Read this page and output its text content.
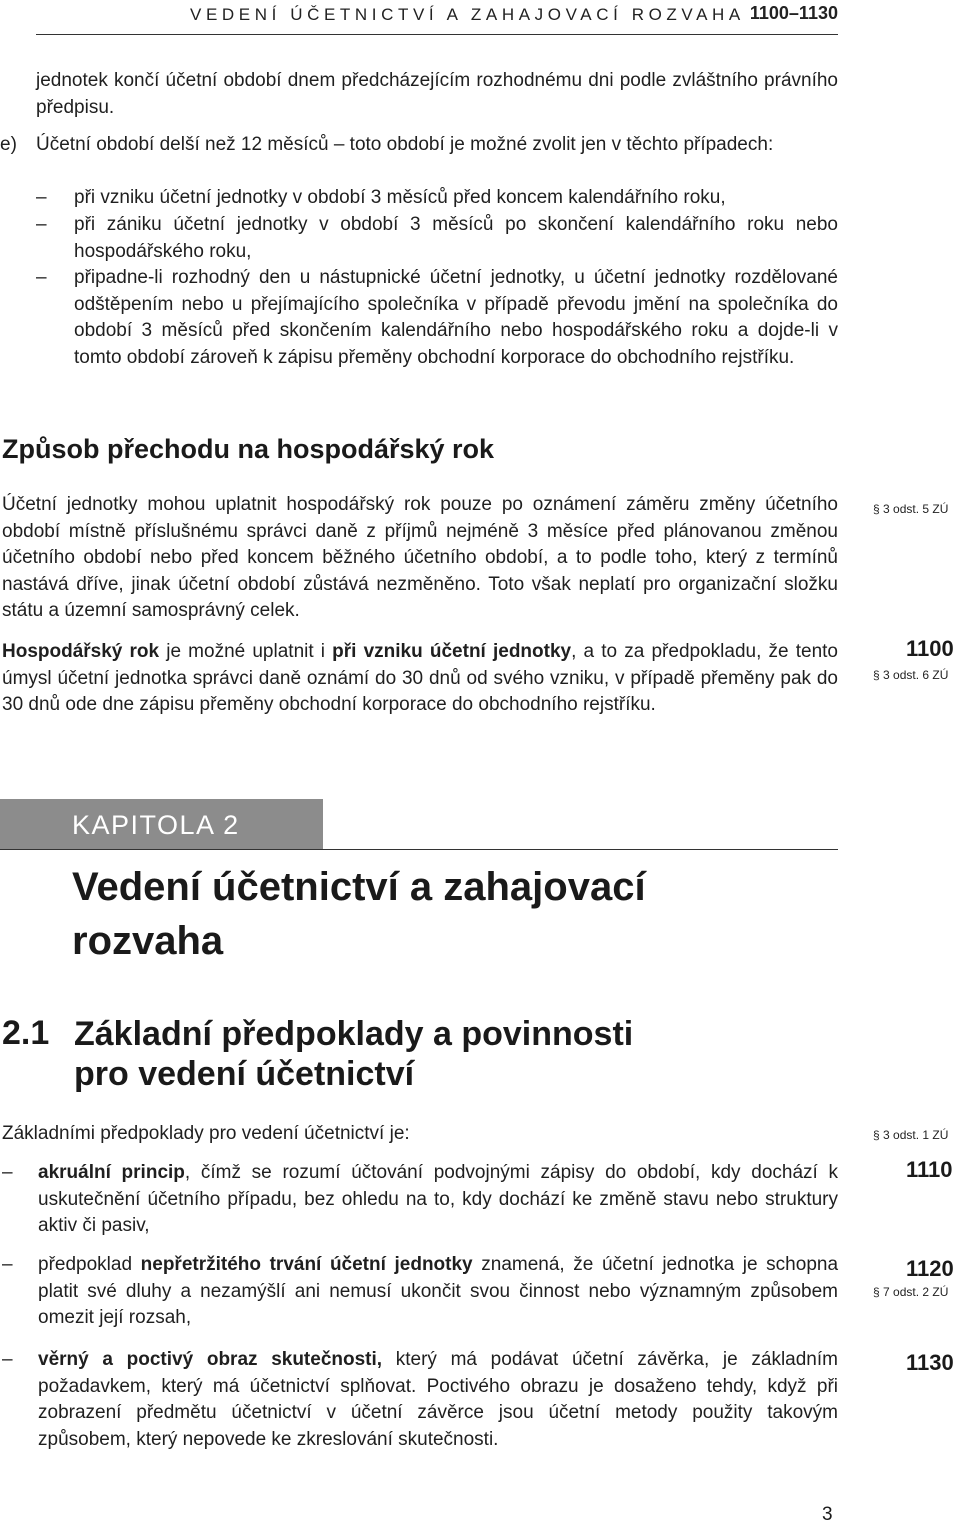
VEDENÍ ÚČETNICTVÍ A ZAHAJOVACÍ ROZVAHA 1100–1130
jednotek končí účetní období dnem předcházejícím rozhodnému dni podle zvláštního právního předpisu.
e) Účetní období delší než 12 měsíců – toto období je možné zvolit jen v těchto případech:
– při vzniku účetní jednotky v období 3 měsíců před koncem kalendářního roku,
– při zániku účetní jednotky v období 3 měsíců po skončení kalendářního roku nebo hospodářského roku,
– připadne-li rozhodný den u nástupnické účetní jednotky, u účetní jednotky rozdělované odštěpením nebo u přejímajícího společníka v případě převodu jmění na společníka do období 3 měsíců před skončením kalendářního nebo hospodářského roku a dojde-li v tomto období zároveň k zápisu přeměny obchodní korporace do obchodního rejstříku.
Způsob přechodu na hospodářský rok
Účetní jednotky mohou uplatnit hospodářský rok pouze po oznámení záměru změny účetního období místně příslušnému správci daně z příjmů nejméně 3 měsíce před plánovanou změnou účetního období nebo před koncem běžného účetního období, a to podle toho, který z termínů nastává dříve, jinak účetní období zůstává nezměněno. Toto však neplatí pro organizační složku státu a územní samosprávný celek.
§ 3 odst. 5 ZÚ
Hospodářský rok je možné uplatnit i při vzniku účetní jednotky, a to za předpokladu, že tento úmysl účetní jednotka správci daně oznámí do 30 dnů od svého vzniku, v případě přeměny pak do 30 dnů ode dne zápisu přeměny obchodní korporace do obchodního rejstříku.
1100
§ 3 odst. 6 ZÚ
KAPITOLA 2
Vedení účetnictví a zahajovací rozvaha
2.1 Základní předpoklady a povinnosti pro vedení účetnictví
Základními předpoklady pro vedení účetnictví je:	§ 3 odst. 1 ZÚ
– akruální princip, čímž se rozumí účtování podvojnými zápisy do období, kdy dochází k uskutečnění účetního případu, bez ohledu na to, kdy dochází ke změně stavu nebo struktury aktiv či pasiv,
1110
– předpoklad nepřetržitého trvání účetní jednotky znamená, že účetní jednotka je schopna platit své dluhy a nezamýšlí ani nemusí ukončit svou činnost nebo významným způsobem omezit její rozsah,
1120
§ 7 odst. 2 ZÚ
– věrný a poctivý obraz skutečnosti, který má podávat účetní závěrka, je základním požadavkem, který má účetnictví splňovat. Poctivého obrazu je dosaženo tehdy, když při zobrazení předmětu účetnictví v účetní závěrce jsou účetní metody použity takovým způsobem, který nepovede ke zkreslování skutečnosti.
1130
3
